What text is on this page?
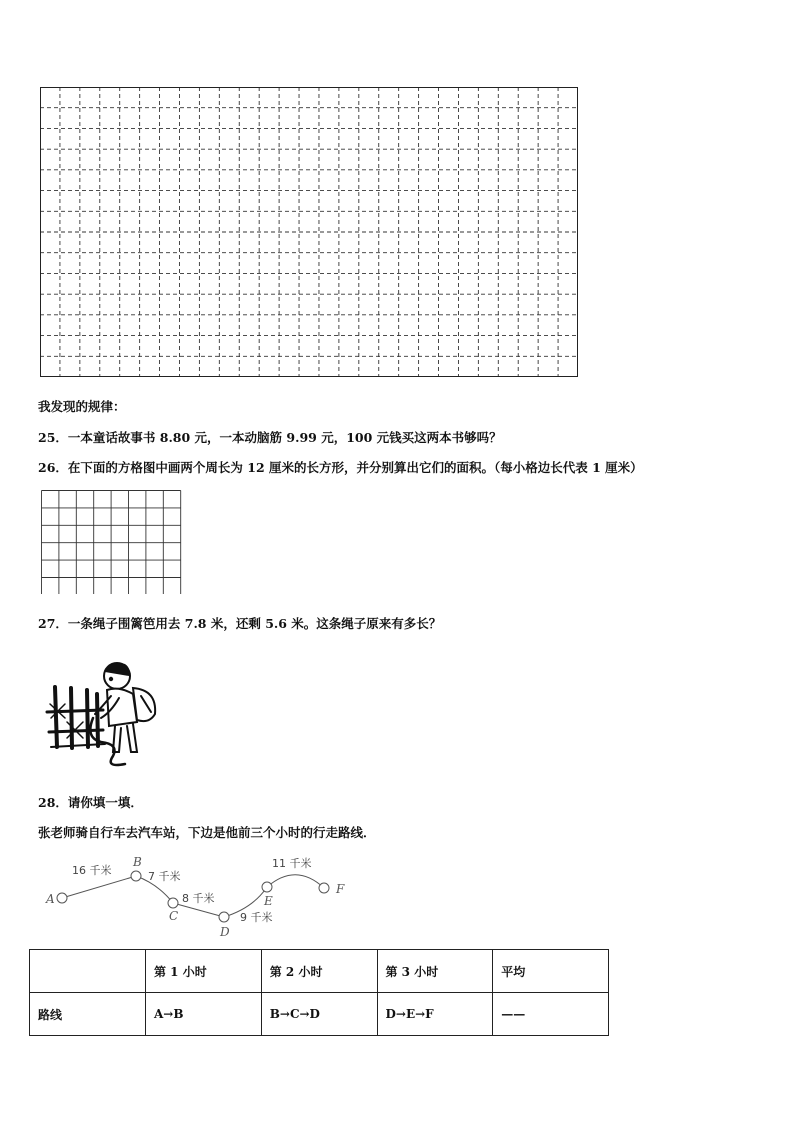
我发现的规律：
25．一本童话故事书 8.80 元，一本动脑筋 9.99 元，100 元钱买这两本书够吗？
26．在下面的方格图中画两个周长为 12 厘米的长方形，并分别算出它们的面积。（每小格边长代表 1 厘米）
27．一条绳子围篱笆用去 7.8 米，还剩 5.6 米。这条绳子原来有多长？
28．请你填一填．
张老师骑自行车去汽车站，下边是他前三个小时的行走路线．
A
B
C
D
E
F
16 千米	7 千米
8 千米
9 千米
11 千米
	第 1 小时	第 2 小时	第 3 小时	平均
路线	A→B	B→C→D	D→E→F	——
